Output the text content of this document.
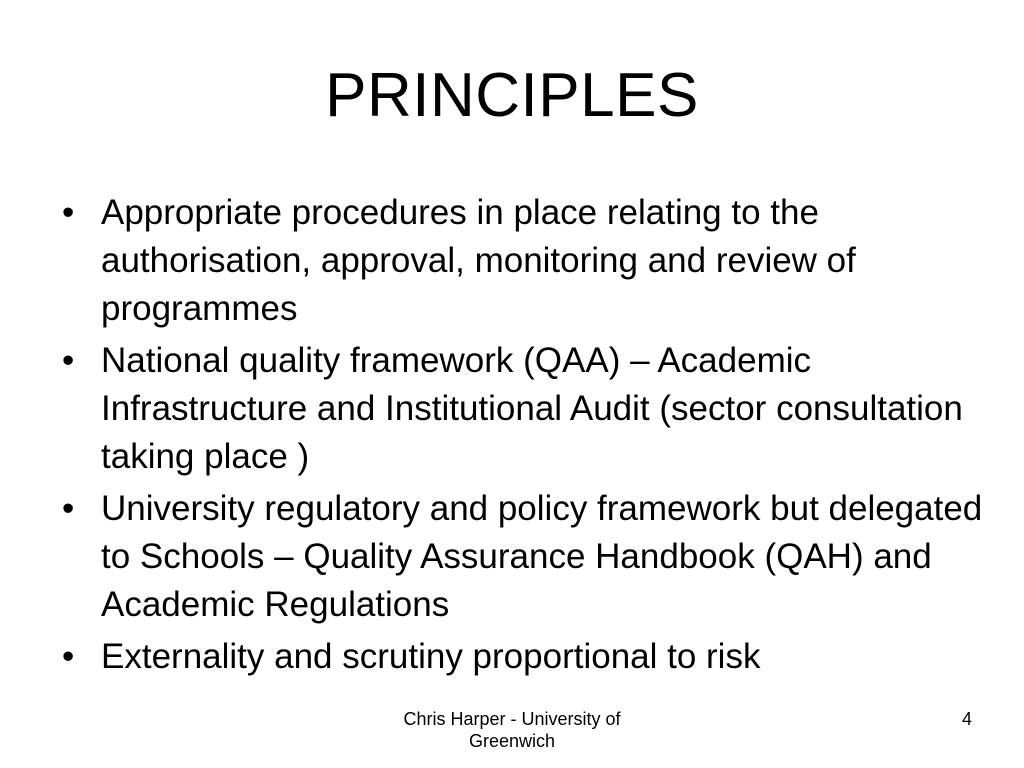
PRINCIPLES
• Appropriate procedures in place relating to the authorisation, approval, monitoring and review of programmes
• National quality framework (QAA) – Academic Infrastructure and Institutional Audit (sector consultation taking place )
• University regulatory and policy framework but delegated to Schools – Quality Assurance Handbook (QAH) and Academic Regulations
• Externality and scrutiny proportional to risk
Chris Harper - University of
Greenwich
4
